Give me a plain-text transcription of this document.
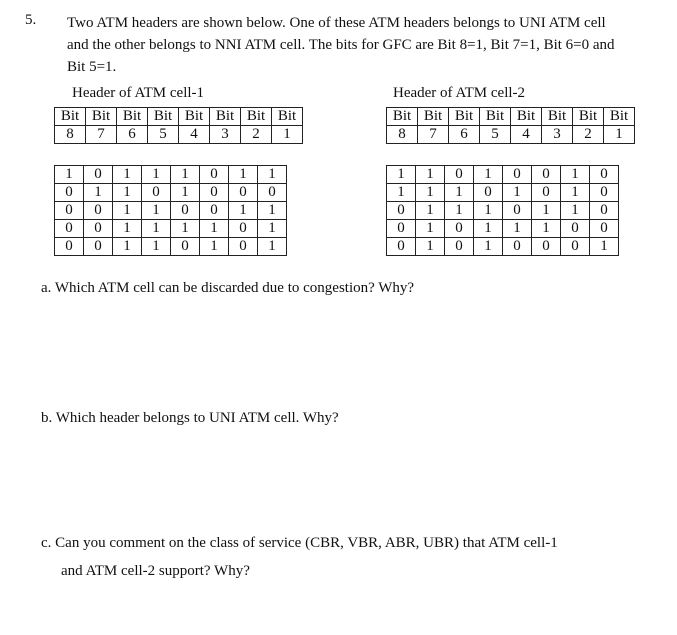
5. Two ATM headers are shown below. One of these ATM headers belongs to UNI ATM cell
and the other belongs to NNI ATM cell. The bits for GFC are Bit 8=1, Bit 7=1, Bit 6=0 and
Bit 5=1.
Header of ATM cell-1	Header of ATM cell-2
Bit	Bit	Bit	Bit	Bit	Bit	Bit	Bit
8	7	6	5	4	3	2	1
Bit	Bit	Bit	Bit	Bit	Bit	Bit	Bit
8	7	6	5	4	3	2	1
1	0	1	1	1	0	1	1
0	1	1	0	1	0	0	0
0	0	1	1	0	0	1	1
0	0	1	1	1	1	0	1
0	0	1	1	0	1	0	1
1	1	0	1	0	0	1	0
1	1	1	0	1	0	1	0
0	1	1	1	0	1	1	0
0	1	0	1	1	1	0	0
0	1	0	1	0	0	0	1
a. Which ATM cell can be discarded due to congestion? Why?
b. Which header belongs to UNI ATM cell. Why?
c. Can you comment on the class of service (CBR, VBR, ABR, UBR) that ATM cell-1
and ATM cell-2 support? Why?
